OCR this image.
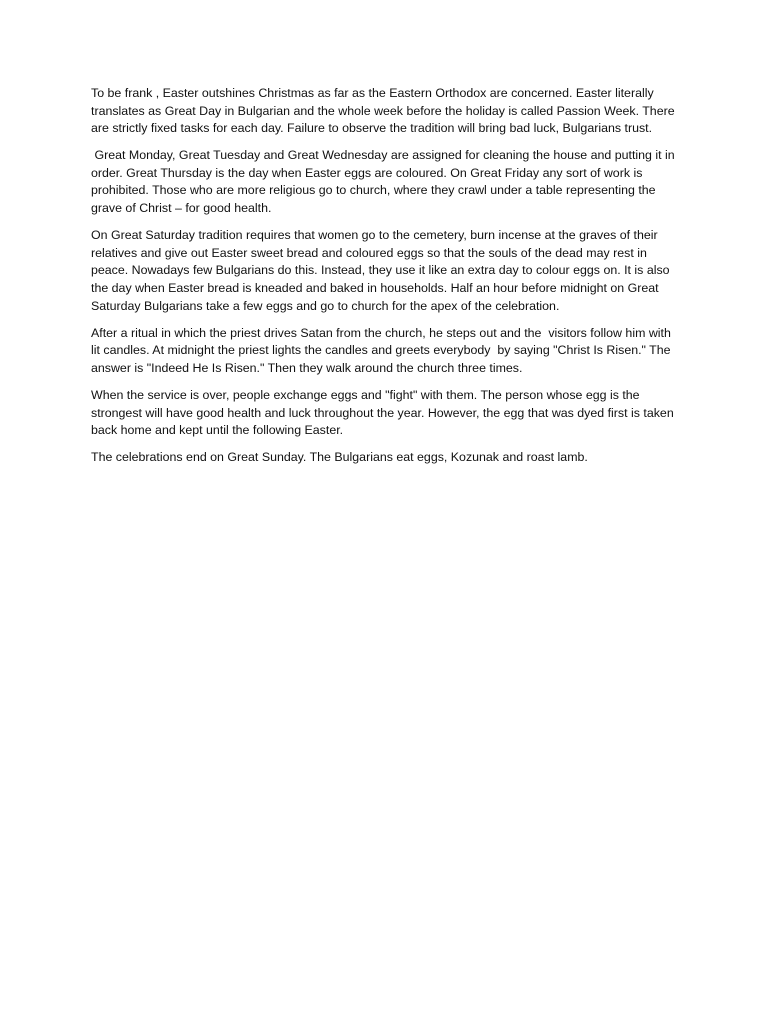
To be frank , Easter outshines Christmas as far as the Eastern Orthodox are concerned. Easter literally translates as Great Day in Bulgarian and the whole week before the holiday is called Passion Week. There are strictly fixed tasks for each day. Failure to observe the tradition will bring bad luck, Bulgarians trust.

Great Monday, Great Tuesday and Great Wednesday are assigned for cleaning the house and putting it in order. Great Thursday is the day when Easter eggs are coloured. On Great Friday any sort of work is prohibited. Those who are more religious go to church, where they crawl under a table representing the grave of Christ – for good health.

On Great Saturday tradition requires that women go to the cemetery, burn incense at the graves of their relatives and give out Easter sweet bread and coloured eggs so that the souls of the dead may rest in peace. Nowadays few Bulgarians do this. Instead, they use it like an extra day to colour eggs on. It is also the day when Easter bread is kneaded and baked in households. Half an hour before midnight on Great Saturday Bulgarians take a few eggs and go to church for the apex of the celebration.

After a ritual in which the priest drives Satan from the church, he steps out and the  visitors follow him with lit candles. At midnight the priest lights the candles and greets everybody  by saying "Christ Is Risen." The answer is "Indeed He Is Risen." Then they walk around the church three times.

When the service is over, people exchange eggs and "fight" with them. The person whose egg is the strongest will have good health and luck throughout the year. However, the egg that was dyed first is taken back home and kept until the following Easter.

The celebrations end on Great Sunday. The Bulgarians eat eggs, Kozunak and roast lamb.
